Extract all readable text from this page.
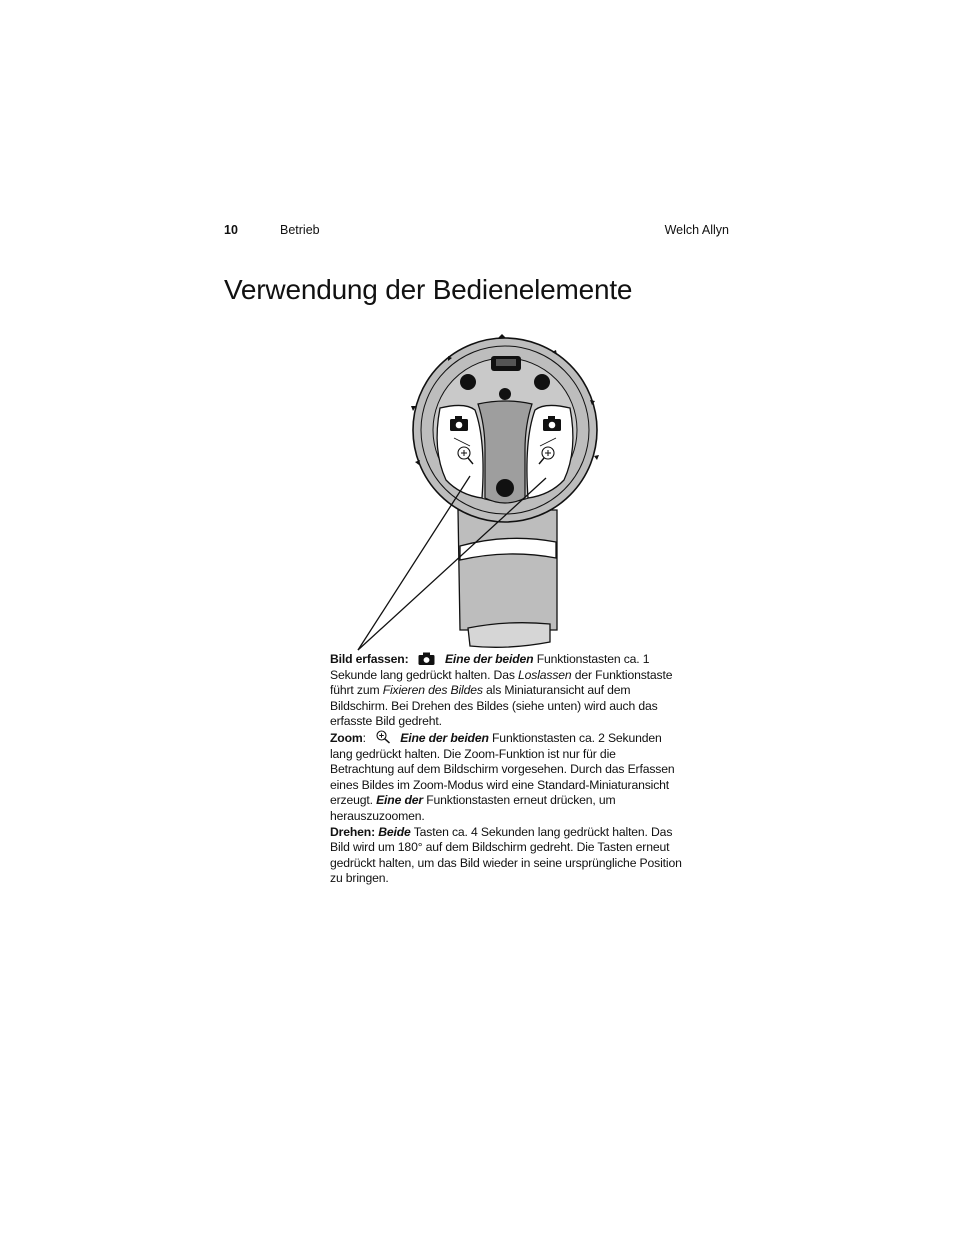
10	Betrieb	Welch Allyn
Verwendung der Bedienelemente

Bild erfassen:	Eine der beiden Funktionstasten ca. 1 Sekunde lang gedrückt halten. Das Loslassen der Funktionstaste führt zum Fixieren des Bildes als Miniaturansicht auf dem Bildschirm. Bei Drehen des Bildes (siehe unten) wird auch das erfasste Bild gedreht.

Zoom:	Eine der beiden Funktionstasten ca. 2 Sekunden lang gedrückt halten. Die Zoom-Funktion ist nur für die Betrachtung auf dem Bildschirm vorgesehen. Durch das Erfassen eines Bildes im Zoom-Modus wird eine Standard-Miniaturansicht erzeugt. Eine der Funktionstasten erneut drücken, um herauszuzoomen.

Drehen: Beide Tasten ca. 4 Sekunden lang gedrückt halten. Das Bild wird um 180° auf dem Bildschirm gedreht. Die Tasten erneut gedrückt halten, um das Bild wieder in seine ursprüngliche Position zu bringen.
